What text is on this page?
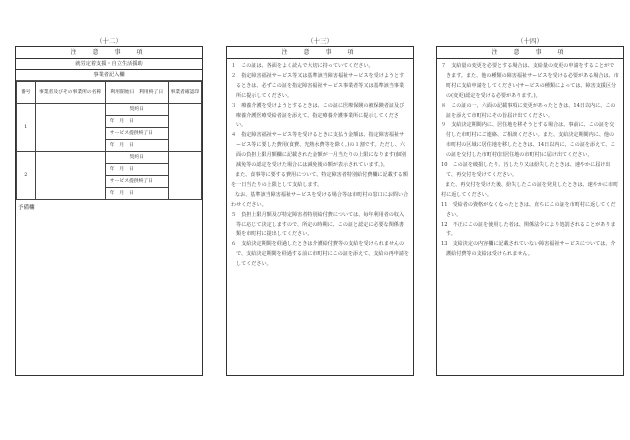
（十二）
注　意　事　項
就労定着支援・自立生活援助
事業者記入欄
番号	事業者及びその事業所の名称	利用開始日　利用終了日	事業者確認印
1		契約日	
		年　月　日	
		サービス提供終了日	
		年　月　日	
2		契約日	
		年　月　日	
		サービス提供終了日	
		年　月　日	
予備欄
（十三）
注　意　事　項

１　この証は、各面をよく読んで大切に持っていてください。

２　指定障害福祉サービス等又は基準該当障害福祉サービスを受けようとするときは、必ずこの証を指定障害福祉サービス事業者等又は基準該当事業所に提示してください。

３　療養介護を受けようとするときは、この証に医療保険の被保険者証及び療養介護医療受給者証を添えて、指定療養介護事業所に提示してください。

４　指定障害福祉サービス等を受けるときに支払う金額は、指定障害福祉サービス等に要した費用(食費、光熱水費等を除く。)の１割です。ただし、六面の負担上限月額欄に記載された金額が一月当たりの上限になります(個別減免等の認定を受けた場合には減免後の額が表示されています。)。

また、食事等に要する費用について、特定障害者特別給付費欄に記載する額を一日当たりの上限として支給します。

なお、基準該当障害福祉サービスを受ける場合等は市町村の窓口にお問い合わせください。

５　負担上限月額及び特定障害者特別給付費については、毎年利用者の収入等に応じて決定しますので、所定の時期に、この証と認定に必要な関係書類を市町村に提出してください。

６　支給決定期間を経過したときは介護給付費等の支給を受けられませんので、支給決定期間を経過する前に市町村にこの証を添えて、支給の再申請をしてください。

（十四）
注　意　事　項

７　支給量の変更を必要とする場合は、支給量の変更の申請をすることができます。また、他の種類の障害福祉サービスを受ける必要がある場合は、市町村に支給申請をしてください(サービスの種類によっては、障害支援区分の(変更)認定を受ける必要があります。)。

８　この証の一、六面の記載事項に変更があったときは、14日以内に、この証を添えて市町村にその旨届け出てください。

９　支給決定期間内に、居住地を移そうとする場合は、事前に、この証を交付した市町村にご連絡、ご相談ください。また、支給決定期間内に、他の市町村の区域に居住地を移したときは、14日以内に、この証を添えて、この証を交付した市町村(旧居住地の市町村)に届け出てください。

10　この証を破損したり、汚したり又は紛失したときは、速やかに届け出て、再交付を受けてください。

また、再交付を受けた後、紛失したこの証を発見したときは、速やかに市町村に返してください。

11　受給者の資格がなくなったときは、直ちにこの証を市町村に返してください。

12　不正にこの証を使用した者は、関係法令により処罰されることがあります。

13　支給決定の内容欄に記載されていない障害福祉サービスについては、介護給付費等の支給は受けられません。
